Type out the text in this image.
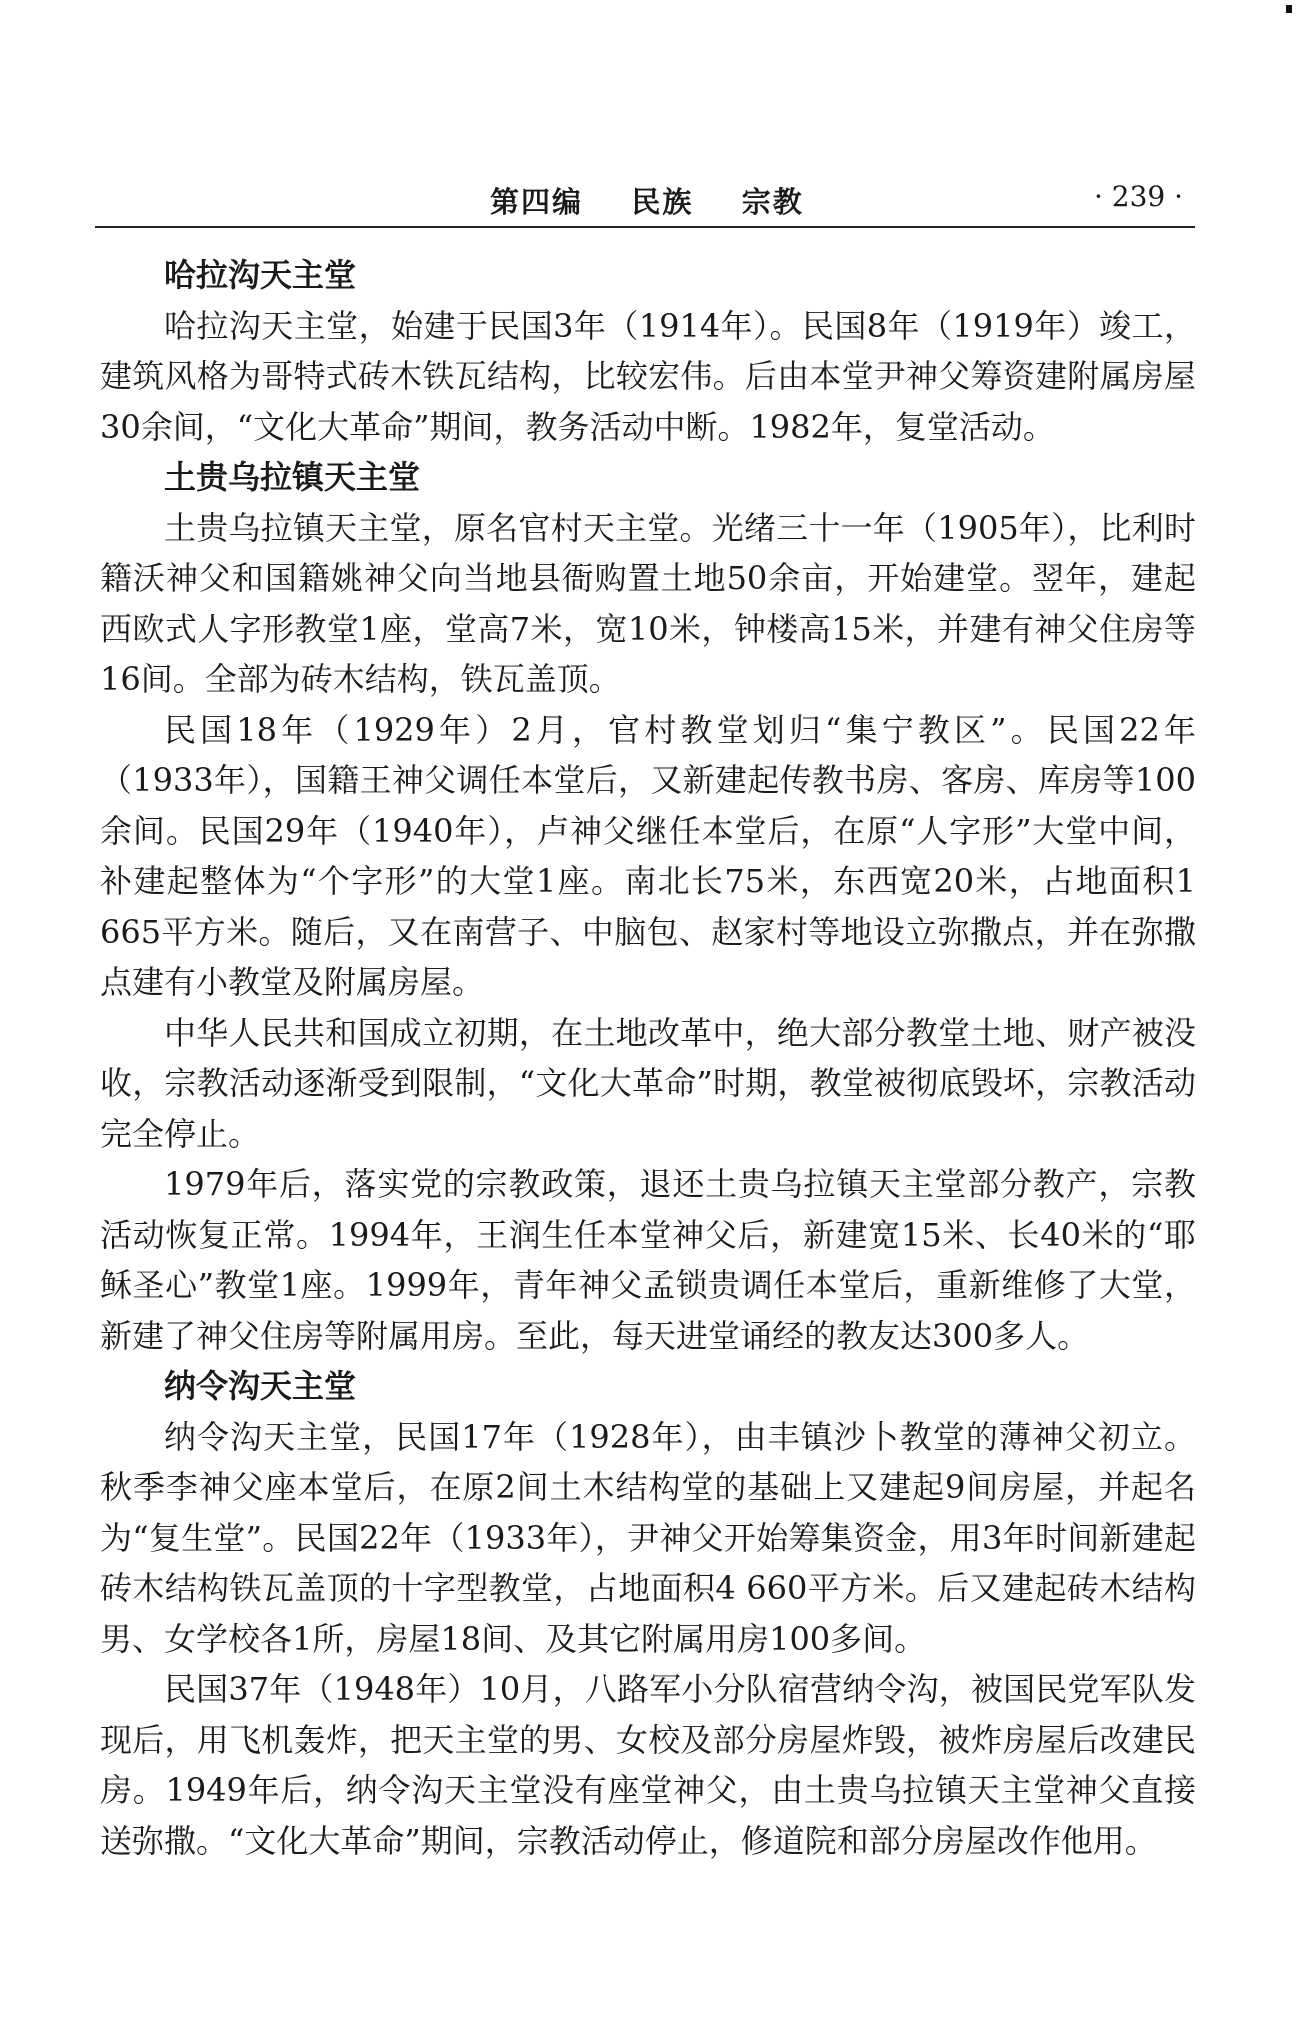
第四编    民族    宗教	· 239 ·
哈拉沟天主堂

哈拉沟天主堂，始建于民国3年（1914年）。民国8年（1919年）竣工，建筑风格为哥特式砖木铁瓦结构，比较宏伟。后由本堂尹神父筹资建附属房屋30余间，“文化大革命”期间，教务活动中断。1982年，复堂活动。

土贵乌拉镇天主堂

土贵乌拉镇天主堂，原名官村天主堂。光绪三十一年（1905年），比利时籍沃神父和国籍姚神父向当地县衙购置土地50余亩，开始建堂。翌年，建起西欧式人字形教堂1座，堂高7米，宽10米，钟楼高15米，并建有神父住房等16间。全部为砖木结构，铁瓦盖顶。

民国18年（1929年）2月，官村教堂划归“集宁教区”。民国22年（1933年），国籍王神父调任本堂后，又新建起传教书房、客房、库房等100余间。民国29年（1940年），卢神父继任本堂后，在原“人字形”大堂中间，补建起整体为“个字形”的大堂1座。南北长75米，东西宽20米，占地面积1 665平方米。随后，又在南营子、中脑包、赵家村等地设立弥撒点，并在弥撒点建有小教堂及附属房屋。

中华人民共和国成立初期，在土地改革中，绝大部分教堂土地、财产被没收，宗教活动逐渐受到限制，“文化大革命”时期，教堂被彻底毁坏，宗教活动完全停止。

1979年后，落实党的宗教政策，退还土贵乌拉镇天主堂部分教产，宗教活动恢复正常。1994年，王润生任本堂神父后，新建宽15米、长40米的“耶稣圣心”教堂1座。1999年，青年神父孟锁贵调任本堂后，重新维修了大堂，新建了神父住房等附属用房。至此，每天进堂诵经的教友达300多人。

纳令沟天主堂

纳令沟天主堂，民国17年（1928年），由丰镇沙卜教堂的薄神父初立。秋季李神父座本堂后，在原2间土木结构堂的基础上又建起9间房屋，并起名为“复生堂”。民国22年（1933年），尹神父开始筹集资金，用3年时间新建起砖木结构铁瓦盖顶的十字型教堂，占地面积4 660平方米。后又建起砖木结构男、女学校各1所，房屋18间、及其它附属用房100多间。

民国37年（1948年）10月，八路军小分队宿营纳令沟，被国民党军队发现后，用飞机轰炸，把天主堂的男、女校及部分房屋炸毁，被炸房屋后改建民房。1949年后，纳令沟天主堂没有座堂神父，由土贵乌拉镇天主堂神父直接送弥撒。“文化大革命”期间，宗教活动停止，修道院和部分房屋改作他用。
